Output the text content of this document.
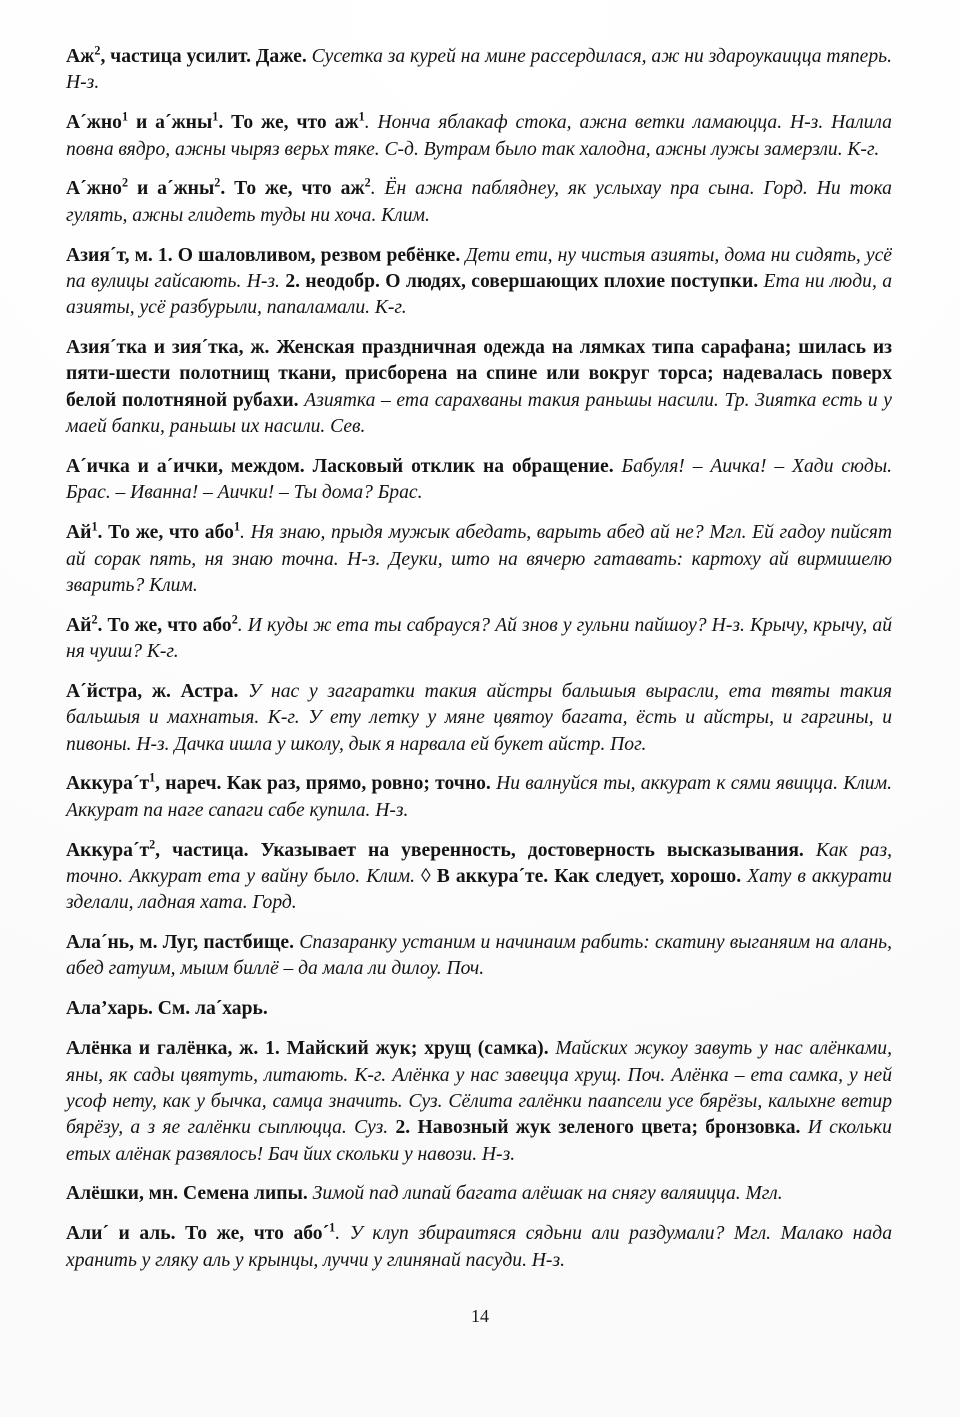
$Аж^2$, частица усилит. Даже. Сусетка за курей на мине рассердилася, аж ни здароукаицца тяперь. Н-з.

А´жно$^1$ и а´жны$^1$. То же, что $аж^1$. Нонча яблакаф стока, ажна ветки ламаюцца. Н-з. Налила повна вядро, ажны чыряз верьх тяке. С-д. Вутрам было так халодна, ажны лужы замерзли. К-г.

А´жно$^2$ и а´жны$^2$. То же, что $аж^2$. Ён ажна пабляднеу, як услыхау пра сына. Горд. Ни тока гулять, ажны глидеть туды ни хоча. Клим.

Азия´т, м. 1. О шаловливом, резвом ребёнке. Дети ети, ну чистыя азияты, дома ни сидять, усё па вулицы гайсають. Н-з. 2. неодобр. О людях, совершающих плохие поступки. Ета ни люди, а азияты, усё разбурыли, папаламали. К-г.

Азия´тка и зия´тка, ж. Женская праздничная одежда на лямках типа сарафана; шилась из пяти-шести полотнищ ткани, присборена на спине или вокруг торса; надевалась поверх белой полотняной рубахи. Азиятка – ета сарахваны такия раньшы насили. Тр. Зиятка есть и у маей бапки, раньшы их насили. Сев.

А´ичка и а´ички, междом. Ласковый отклик на обращение. Бабуля! – Аичка! – Хади сюды. Брас. – Иванна! – Аички! – Ты дома? Брас.

$Ай^1$. То же, что або$^1$. Ня знаю, прыдя мужык абедать, варыть абед ай не? Мгл. Ей гадоу пийсят ай сорак пять, ня знаю точна. Н-з. Деуки, што на вячерю гатавать: картоху ай вирмишелю зварить? Клим.

$Ай^2$. То же, что або$^2$. И куды ж ета ты сабрауся? Ай знов у гульни пайшоу? Н-з. Крычу, крычу, ай ня чуиш? К-г.

А´йстра, ж. Астра. У нас у загаратки такия айстры бальшыя вырасли, ета твяты такия бальшыя и махнатыя. К-г. У ету летку у мяне цвятоу багата, ёсть и айстры, и гаргины, и пивоны. Н-з. Дачка ишла у школу, дык я нарвала ей букет айстр. Пог.

$Аккура´т^1$, нареч. Как раз, прямо, ровно; точно. Ни валнуйся ты, аккурат к сями явицца. Клим. Аккурат па наге сапаги сабе купила. Н-з.

$Аккура´т^2$, частица. Указывает на уверенность, достоверность высказывания. Как раз, точно. Аккурат ета у вайну было. Клим. ◊ В аккура´те. Как следует, хорошо. Хату в аккурати зделали, ладная хата. Горд.

Ала´нь, м. Луг, пастбище. Спазаранку устаним и начинаим рабить: скатину выганяим на алань, абед гатуим, мыим биллё – да мала ли дилоу. Поч.

Ала’харь. См. ла´харь.

Алёнка и галёнка, ж. 1. Майский жук; хрущ (самка). Майских жукоу завуть у нас алёнками, яны, як сады цвятуть, литають. К-г. Алёнка у нас завецца хрущ. Поч. Алёнка – ета самка, у ней усоф нету, как у бычка, самца значить. Суз. Сёлита галёнки паапсели усе бярёзы, калыхне ветир бярёзу, а з яе галёнки сыплюцца. Суз. 2. Навозный жук зеленого цвета; бронзовка. И скольки етых алёнак развялось! Бач йих скольки у навози. Н-з.

Алёшки, мн. Семена липы. Зимой пад липай багата алёшак на снягу валяицца. Мгл.

Али´ и аль. То же, что або´$^1$. У клуп збираитяся сядьни али раздумали? Мгл. Малако нада хранить у гляку аль у крынцы, луччи у глинянай пасуди. Н-з.

14
